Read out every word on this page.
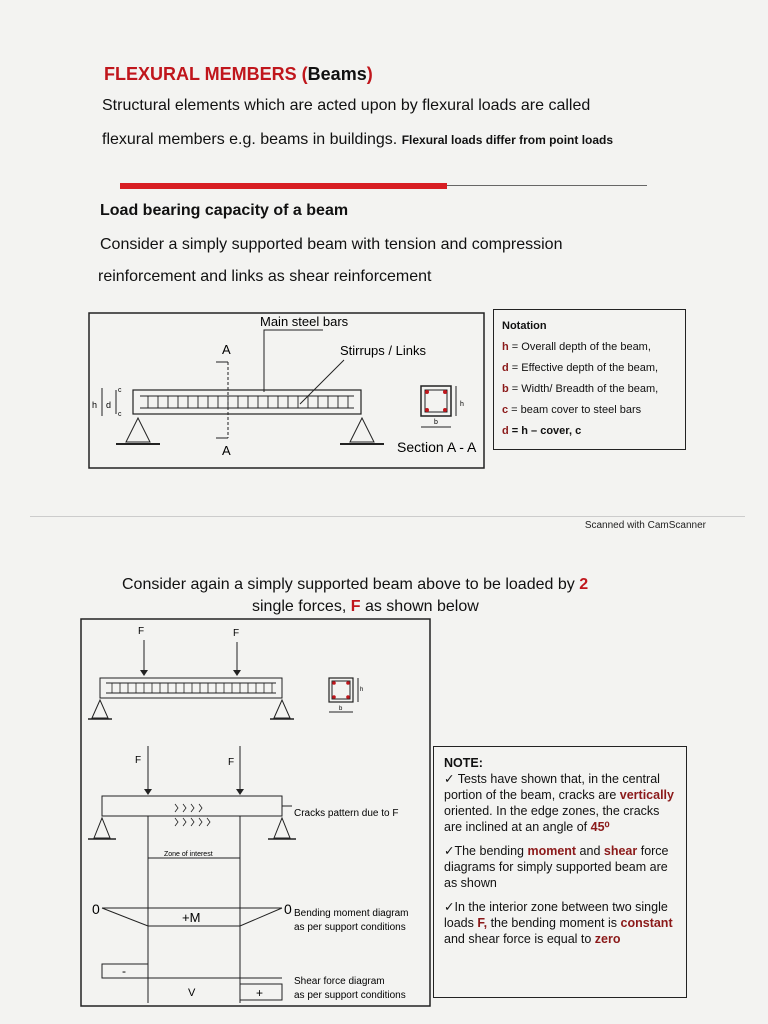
FLEXURAL MEMBERS (Beams)
Structural elements which are acted upon by flexural loads are called
flexural members e.g. beams in buildings. Flexural loads differ from point loads
Load bearing capacity of a beam
Consider a simply supported beam with tension and compression
reinforcement and links as shear reinforcement
Main steel bars
Stirrups / Links
A
A
h d
c
c
h
b
Section A - A
Notation
h = Overall depth of the beam,
d = Effective depth of the beam,
b = Width/ Breadth of the beam,
c = beam cover to steel bars
d = h – cover, c
Scanned with CamScanner
Consider again a simply supported beam above to be loaded by 2
single forces, F as shown below
F	F
h
b
F	F
Cracks pattern due to F
Zone of interest
0	0
+M	Bending moment diagram
as per support conditions
-
+
V
Shear force diagram
as per support conditions
NOTE:

✓ Tests have shown that, in the central portion of the beam, cracks are vertically oriented. In the edge zones, the cracks are inclined at an angle of 45⁰

✓The bending moment and shear force diagrams for simply supported beam are as shown

✓In the interior zone between two single loads F, the bending moment is constant and shear force is equal to zero
